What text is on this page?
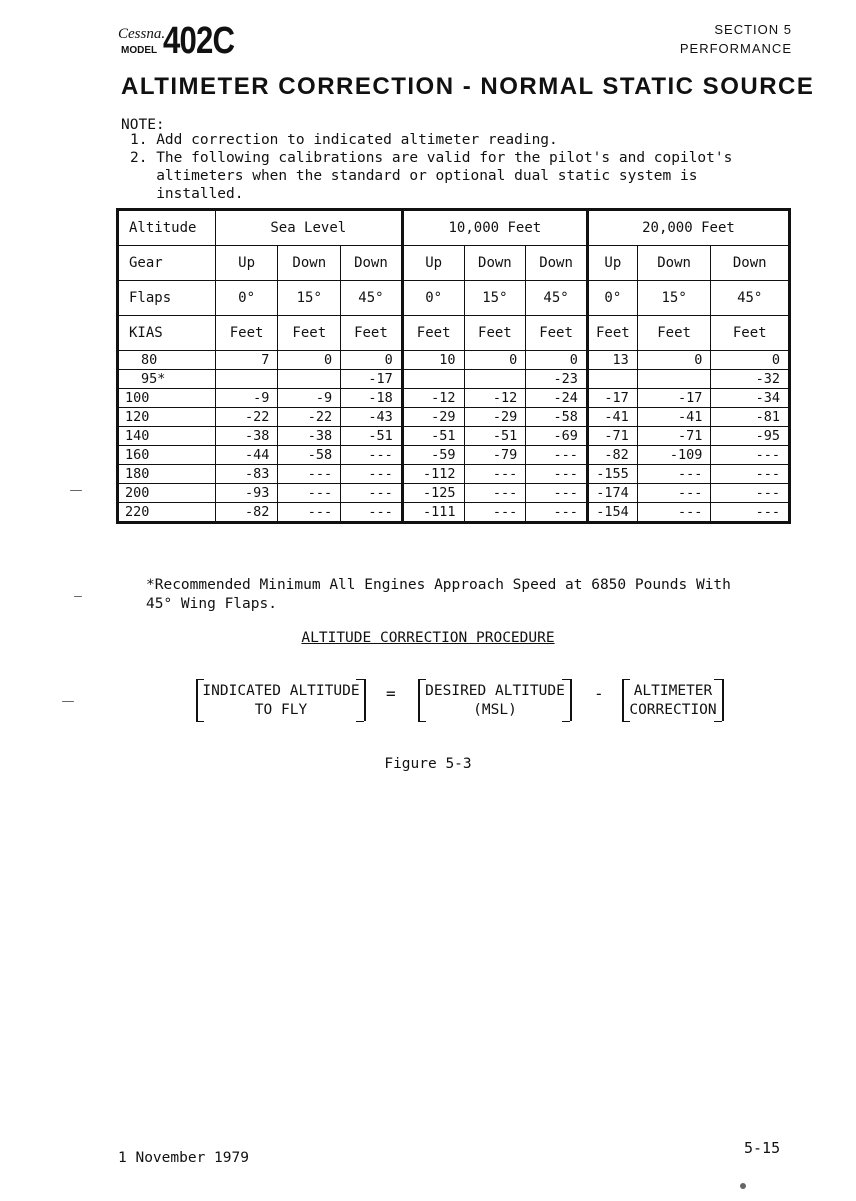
Cessna.
MODEL 402C	SECTION 5
PERFORMANCE
ALTIMETER CORRECTION - NORMAL STATIC SOURCE
NOTE:
1. Add correction to indicated altimeter reading.
2. The following calibrations are valid for the pilot's and copilot's
altimeters when the standard or optional dual static system is
installed.
Altitude	Sea Level			10,000 Feet			20,000 Feet		
Gear	Up	Down	Down	Up	Down	Down	Up	Down	Down
Flaps	0°	15°	45°	0°	15°	45°	0°	15°	45°
KIAS	Feet	Feet	Feet	Feet	Feet	Feet	Feet	Feet	Feet
80	7	0	0	10	0	0	13	0	0
95*			-17			-23			-32
100	-9	-9	-18	-12	-12	-24	-17	-17	-34
120	-22	-22	-43	-29	-29	-58	-41	-41	-81
140	-38	-38	-51	-51	-51	-69	-71	-71	-95
160	-44	-58	---	-59	-79	---	-82	-109	---
180	-83	---	---	-112	---	---	-155	---	---
200	-93	---	---	-125	---	---	-174	---	---
220	-82	---	---	-111	---	---	-154	---	---
*Recommended Minimum All Engines Approach Speed at 6850 Pounds With
45° Wing Flaps.
ALTITUDE CORRECTION PROCEDURE
INDICATED ALTITUDE
TO FLY
=	DESIRED ALTITUDE
(MSL)
-	ALTIMETER
CORRECTION
Figure 5-3
1 November 1979
5-15
